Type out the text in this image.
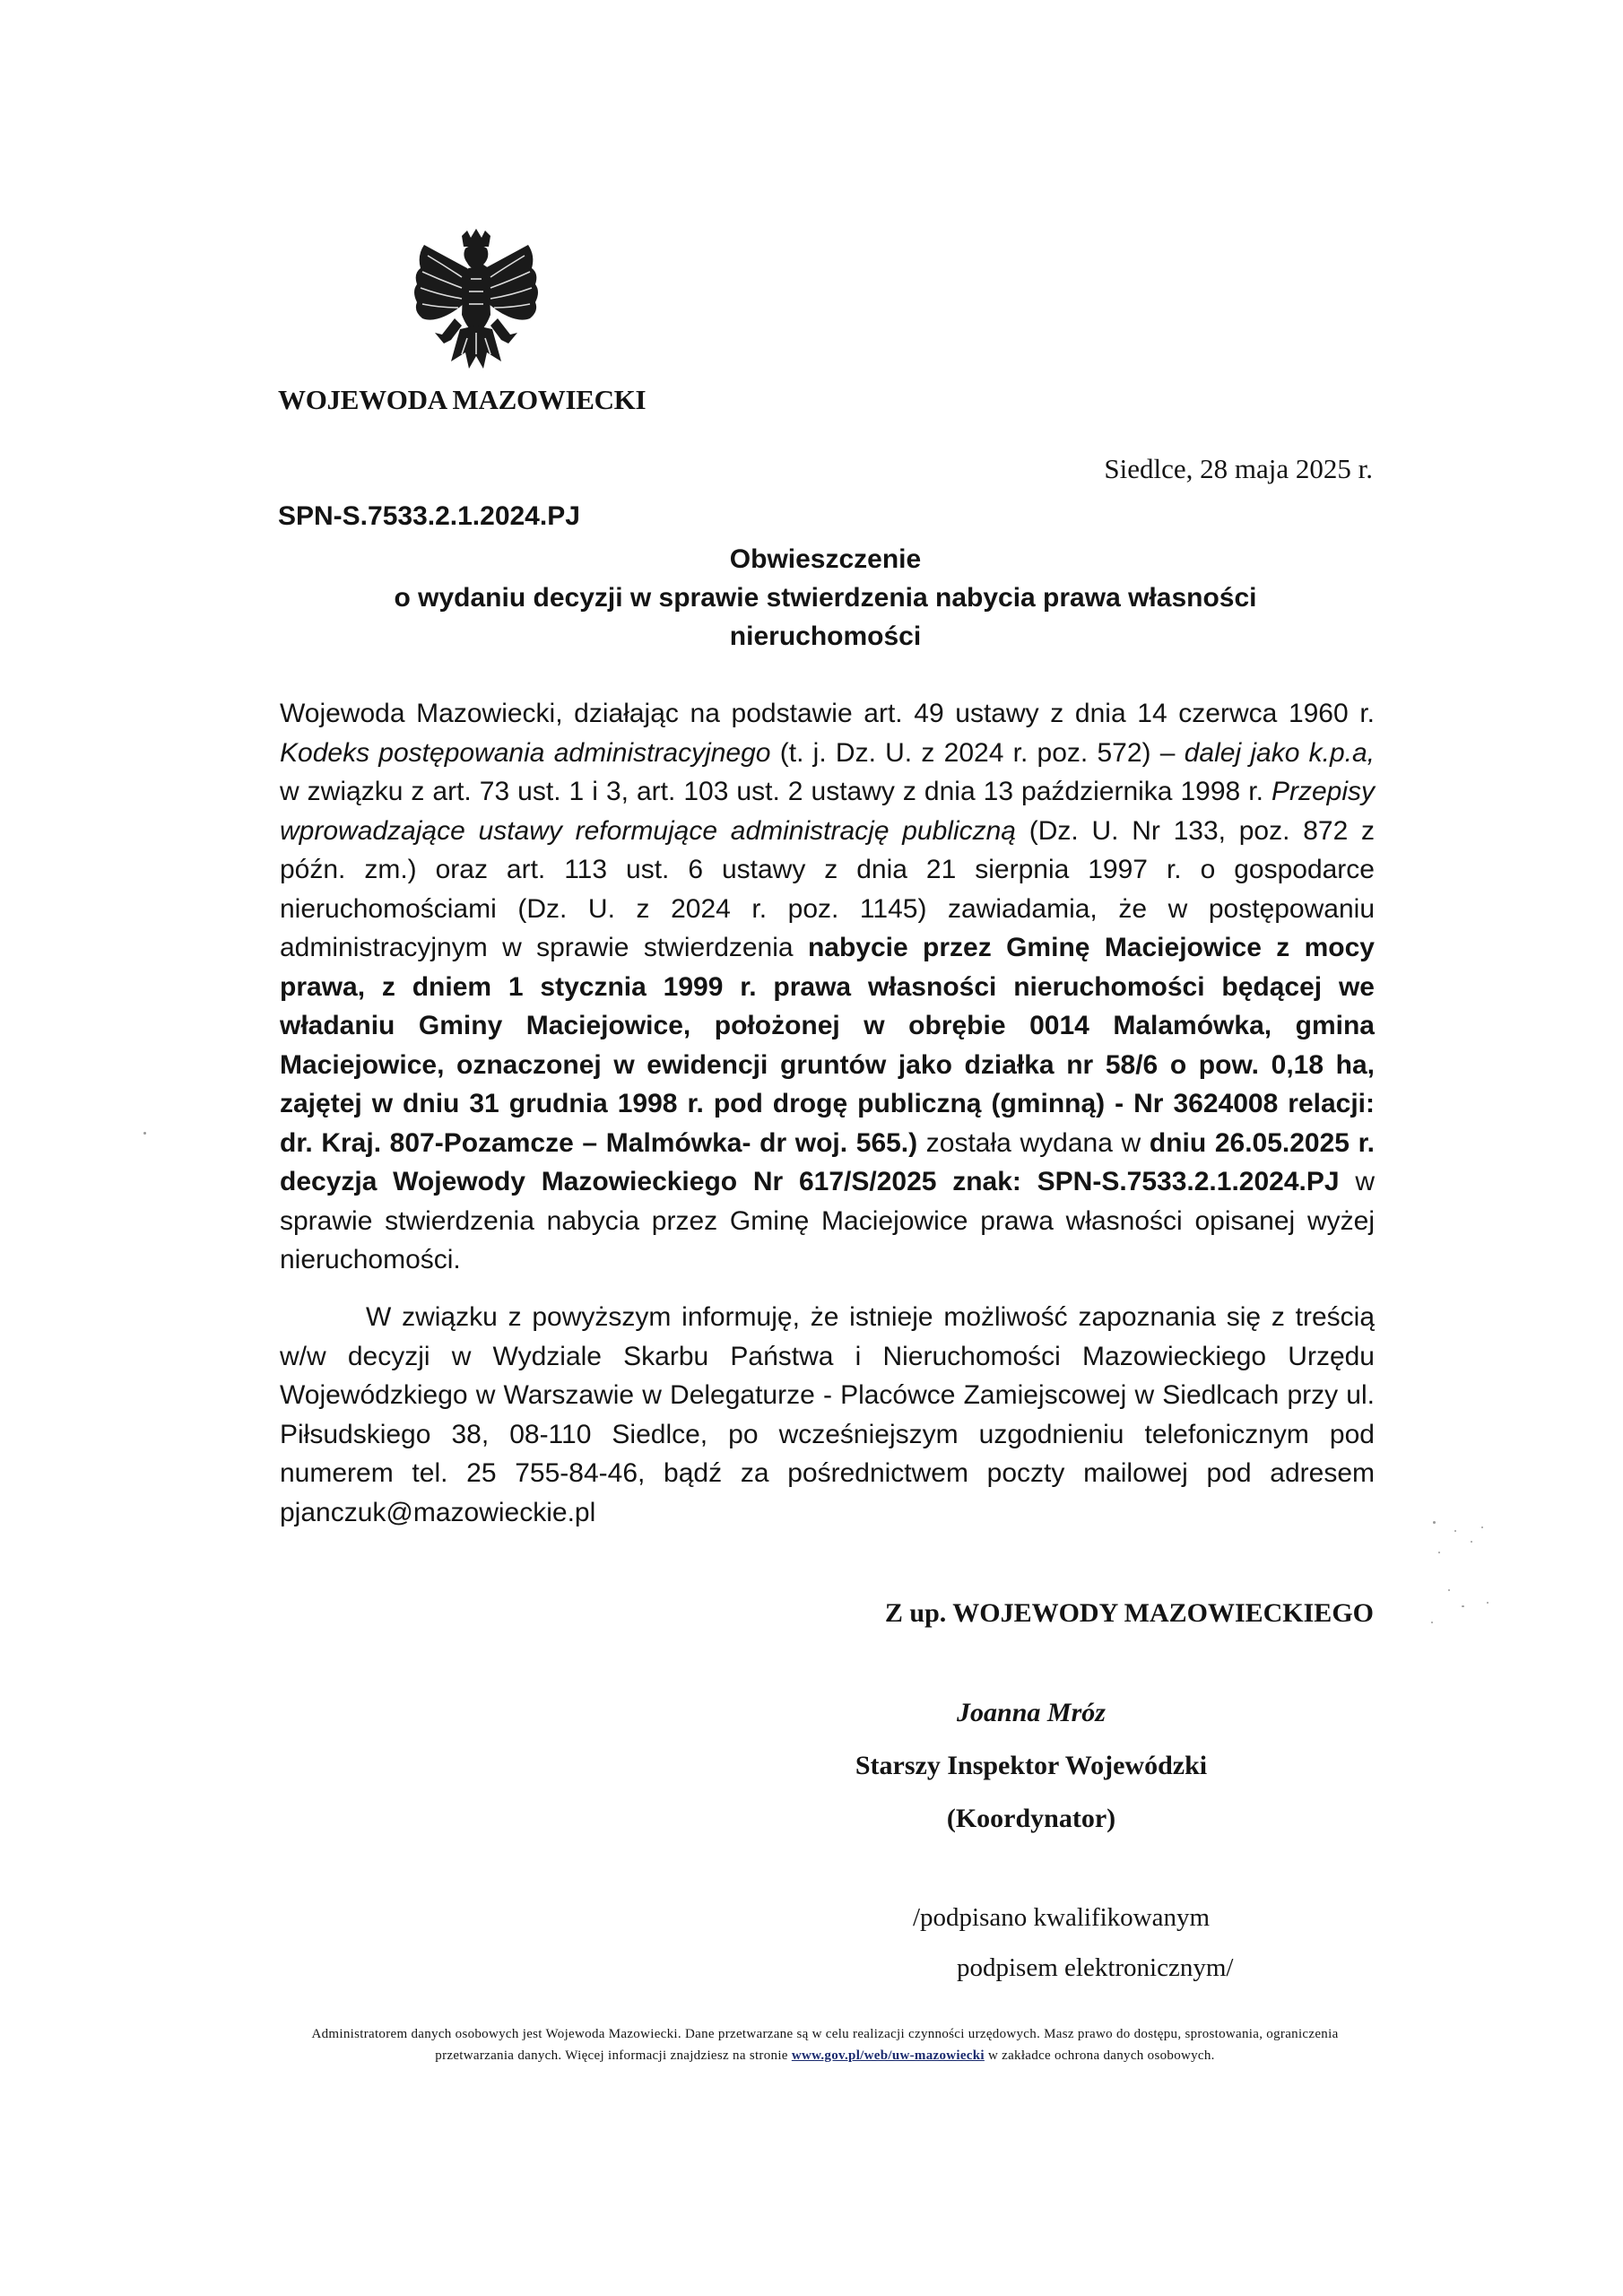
WOJEWODA MAZOWIECKI
Siedlce, 28 maja 2025 r.
SPN-S.7533.2.1.2024.PJ
Obwieszczenie
o wydaniu decyzji w sprawie stwierdzenia nabycia prawa własności
nieruchomości
Wojewoda Mazowiecki, działając na podstawie art. 49 ustawy z dnia 14 czerwca 1960 r. Kodeks postępowania administracyjnego (t. j. Dz. U. z 2024 r. poz. 572) – dalej jako k.p.a, w związku z art. 73 ust. 1 i 3, art. 103 ust. 2 ustawy z dnia 13 października 1998 r. Przepisy wprowadzające ustawy reformujące administrację publiczną (Dz. U. Nr 133, poz. 872 z późn. zm.) oraz art. 113 ust. 6 ustawy z dnia 21 sierpnia 1997 r. o gospodarce nieruchomościami (Dz. U. z 2024 r. poz. 1145) zawiadamia, że w postępowaniu administracyjnym w sprawie stwierdzenia nabycie przez Gminę Maciejowice z mocy prawa, z dniem 1 stycznia 1999 r. prawa własności nieruchomości będącej we władaniu Gminy Maciejowice, położonej w obrębie 0014 Malamówka, gmina Maciejowice, oznaczonej w ewidencji gruntów jako działka nr 58/6 o pow. 0,18 ha, zajętej w dniu 31 grudnia 1998 r. pod drogę publiczną (gminną) - Nr 3624008 relacji: dr. Kraj. 807-Pozamcze – Malmówka- dr woj. 565.) została wydana w dniu 26.05.2025 r. decyzja Wojewody Mazowieckiego Nr 617/S/2025 znak: SPN-S.7533.2.1.2024.PJ w sprawie stwierdzenia nabycia przez Gminę Maciejowice prawa własności opisanej wyżej nieruchomości.
W związku z powyższym informuję, że istnieje możliwość zapoznania się z treścią w/w decyzji w Wydziale Skarbu Państwa i Nieruchomości Mazowieckiego Urzędu Wojewódzkiego w Warszawie w Delegaturze - Placówce Zamiejscowej w Siedlcach przy ul. Piłsudskiego 38, 08-110 Siedlce, po wcześniejszym uzgodnieniu telefonicznym pod numerem tel. 25 755-84-46, bądź za pośrednictwem poczty mailowej pod adresem pjanczuk@mazowieckie.pl
Z up. WOJEWODY MAZOWIECKIEGO
Joanna Mróz
Starszy Inspektor Wojewódzki
(Koordynator)
/podpisano kwalifikowanym
podpisem elektronicznym/
Administratorem danych osobowych jest Wojewoda Mazowiecki. Dane przetwarzane są w celu realizacji czynności urzędowych. Masz prawo do dostępu, sprostowania, ograniczenia przetwarzania danych. Więcej informacji znajdziesz na stronie www.gov.pl/web/uw-mazowiecki w zakładce ochrona danych osobowych.
